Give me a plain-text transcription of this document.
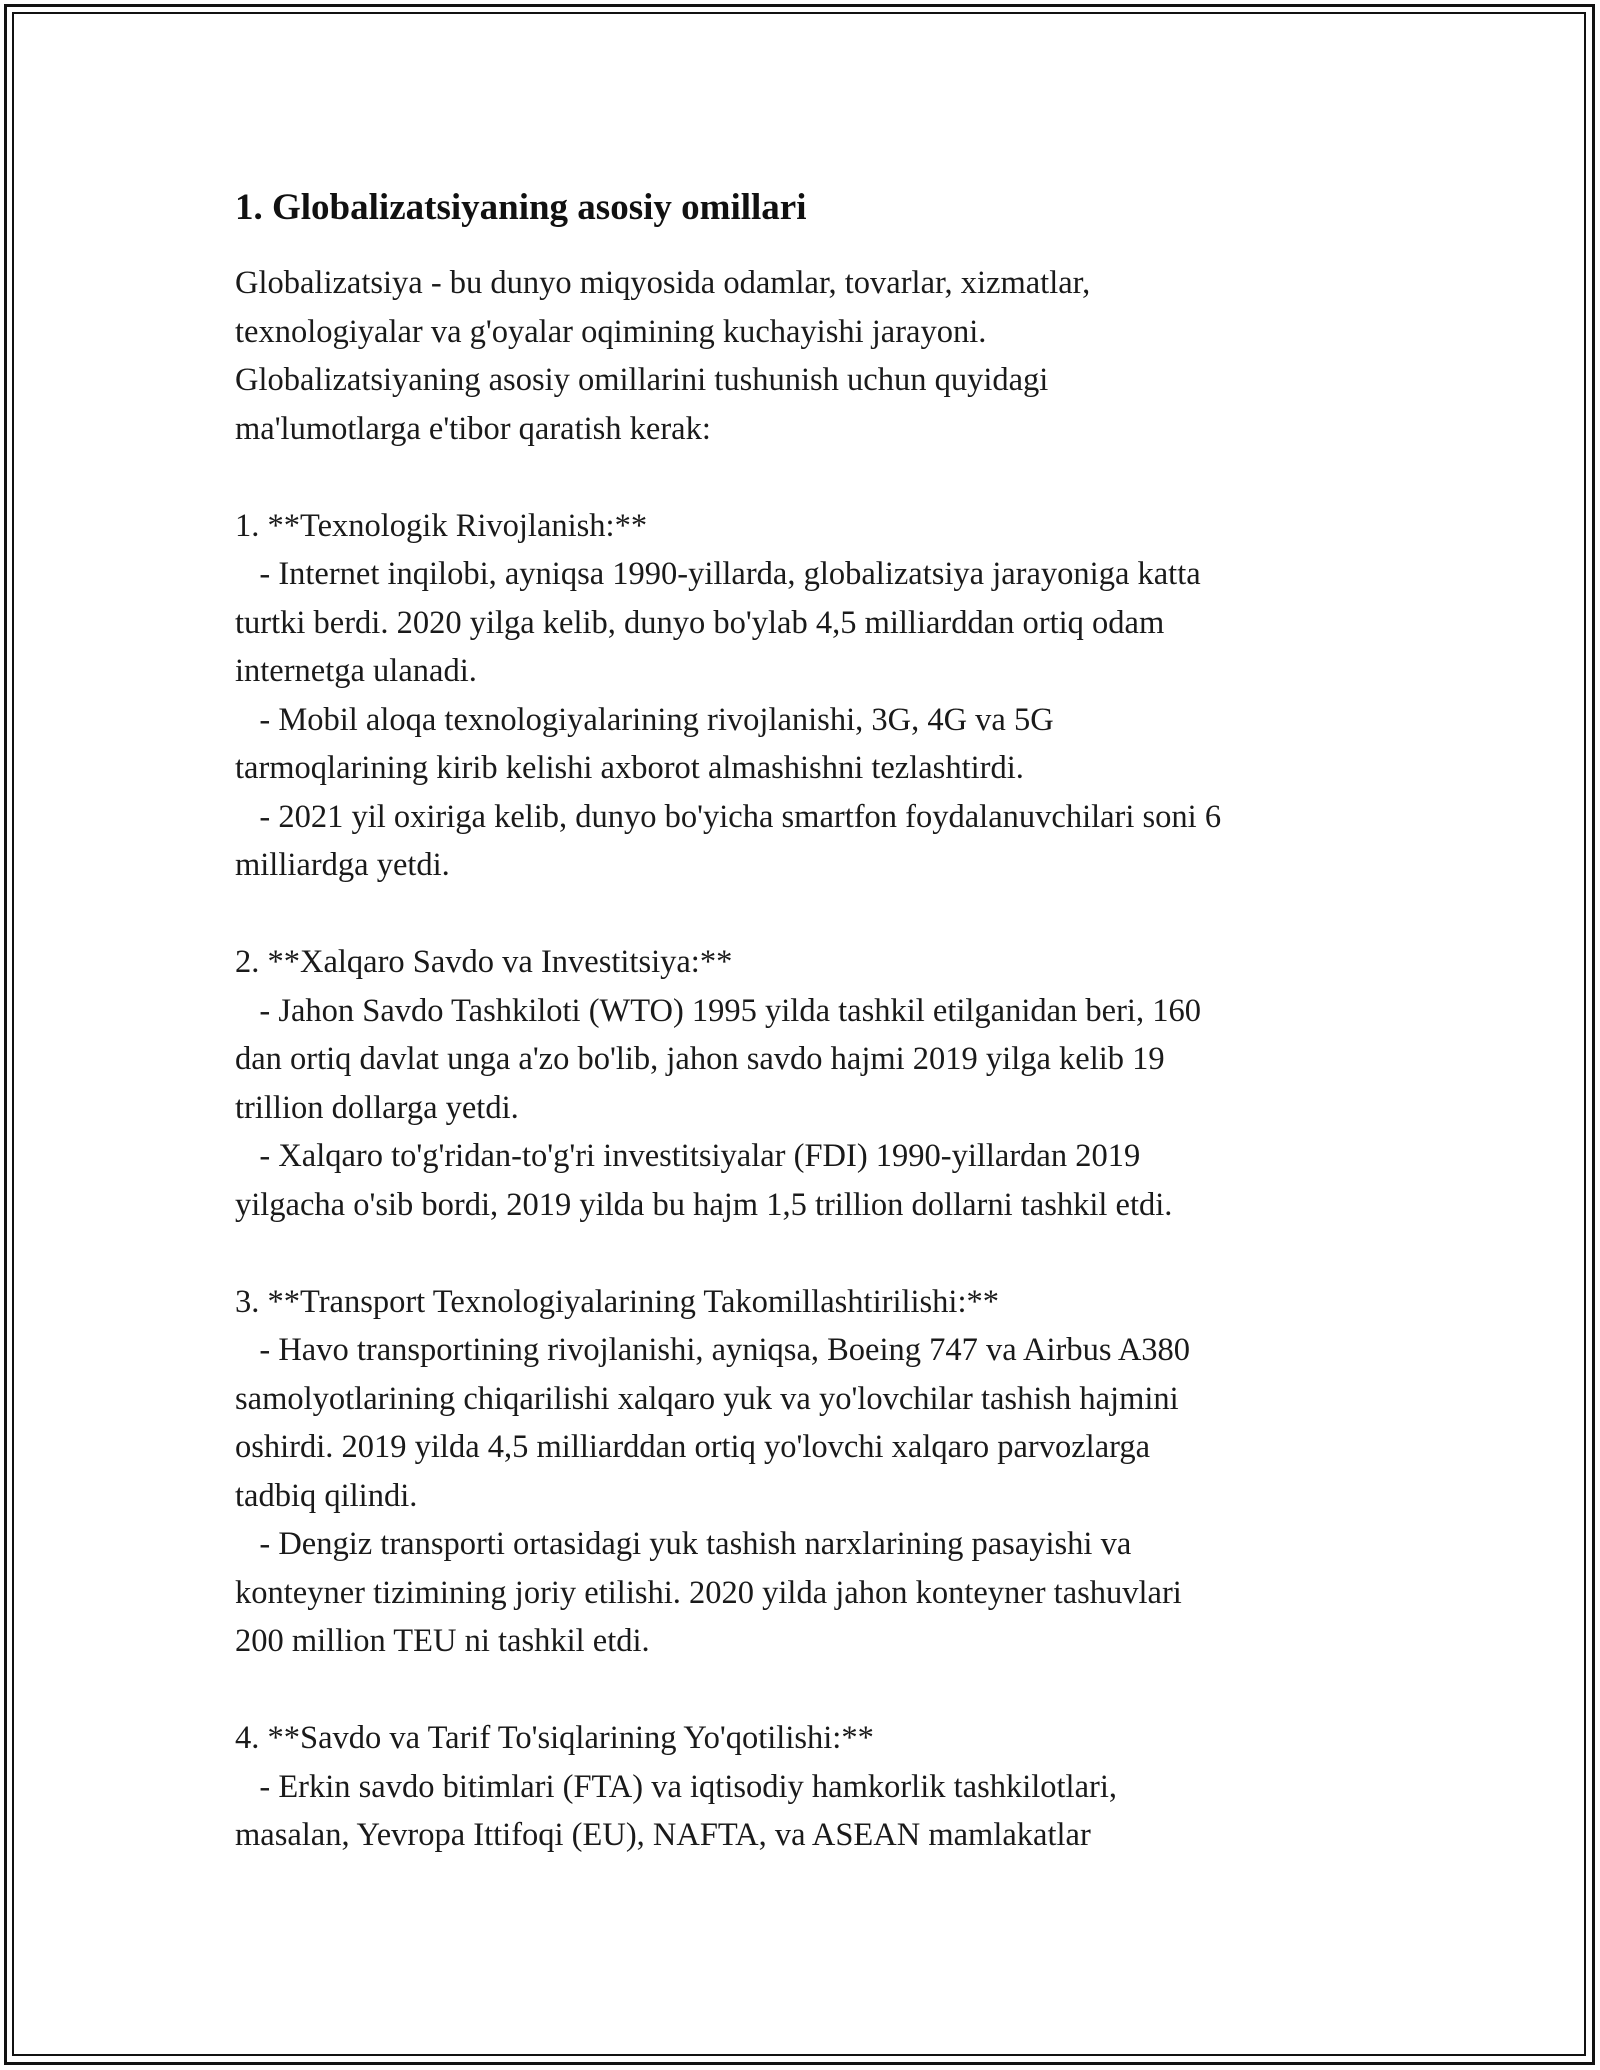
1. Globalizatsiyaning asosiy omillari

Globalizatsiya - bu dunyo miqyosida odamlar, tovarlar, xizmatlar,
texnologiyalar va g'oyalar oqimining kuchayishi jarayoni.
Globalizatsiyaning asosiy omillarini tushunish uchun quyidagi
ma'lumotlarga e'tibor qaratish kerak:

1. **Texnologik Rivojlanish:**
- Internet inqilobi, ayniqsa 1990-yillarda, globalizatsiya jarayoniga katta
turtki berdi. 2020 yilga kelib, dunyo bo'ylab 4,5 milliarddan ortiq odam
internetga ulanadi.
- Mobil aloqa texnologiyalarining rivojlanishi, 3G, 4G va 5G
tarmoqlarining kirib kelishi axborot almashishni tezlashtirdi.
- 2021 yil oxiriga kelib, dunyo bo'yicha smartfon foydalanuvchilari soni 6
milliardga yetdi.

2. **Xalqaro Savdo va Investitsiya:**
- Jahon Savdo Tashkiloti (WTO) 1995 yilda tashkil etilganidan beri, 160
dan ortiq davlat unga a'zo bo'lib, jahon savdo hajmi 2019 yilga kelib 19
trillion dollarga yetdi.
- Xalqaro to'g'ridan-to'g'ri investitsiyalar (FDI) 1990-yillardan 2019
yilgacha o'sib bordi, 2019 yilda bu hajm 1,5 trillion dollarni tashkil etdi.

3. **Transport Texnologiyalarining Takomillashtirilishi:**
- Havo transportining rivojlanishi, ayniqsa, Boeing 747 va Airbus A380
samolyotlarining chiqarilishi xalqaro yuk va yo'lovchilar tashish hajmini
oshirdi. 2019 yilda 4,5 milliarddan ortiq yo'lovchi xalqaro parvozlarga
tadbiq qilindi.
- Dengiz transporti ortasidagi yuk tashish narxlarining pasayishi va
konteyner tizimining joriy etilishi. 2020 yilda jahon konteyner tashuvlari
200 million TEU ni tashkil etdi.

4. **Savdo va Tarif To'siqlarining Yo'qotilishi:**
- Erkin savdo bitimlari (FTA) va iqtisodiy hamkorlik tashkilotlari,
masalan, Yevropa Ittifoqi (EU), NAFTA, va ASEAN mamlakatlar
